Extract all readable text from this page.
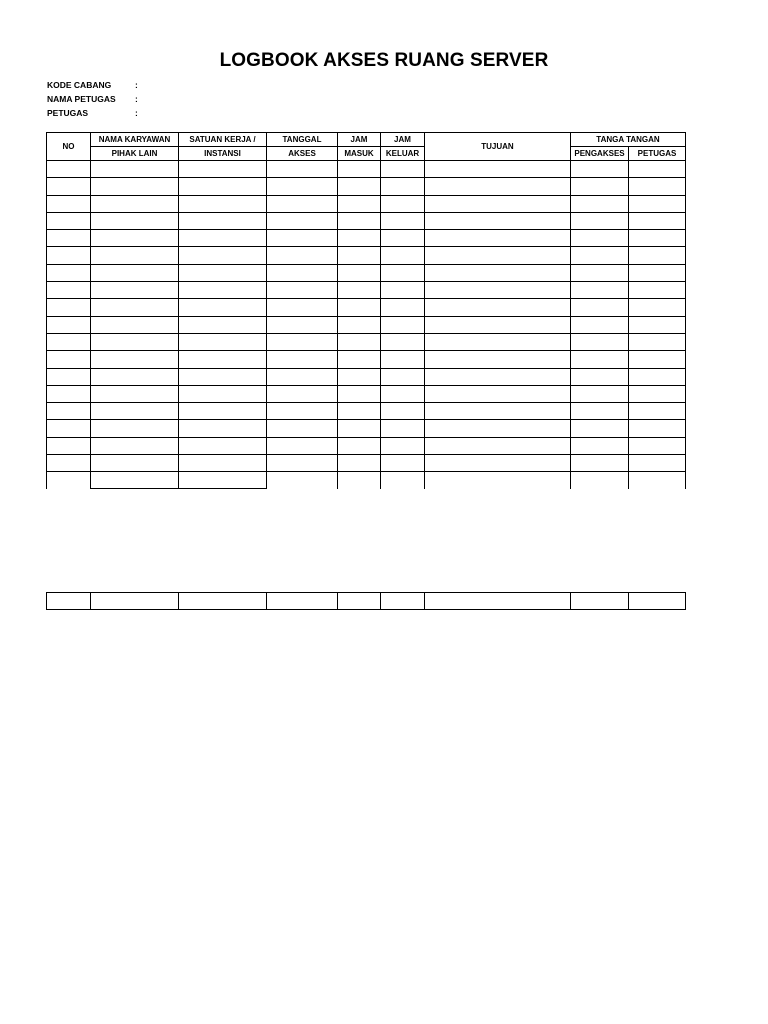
LOGBOOK AKSES RUANG SERVER
KODE CABANG	:
NAMA PETUGAS :
PETUGAS	:
NO	NAMA KARYAWAN	SATUAN KERJA /	TANGGAL	JAM	JAM	TUJUAN	TANGA TANGAN	
	PIHAK LAIN	INSTANSI	AKSES	MASUK	KELUAR		PENGAKSES	PETUGAS
